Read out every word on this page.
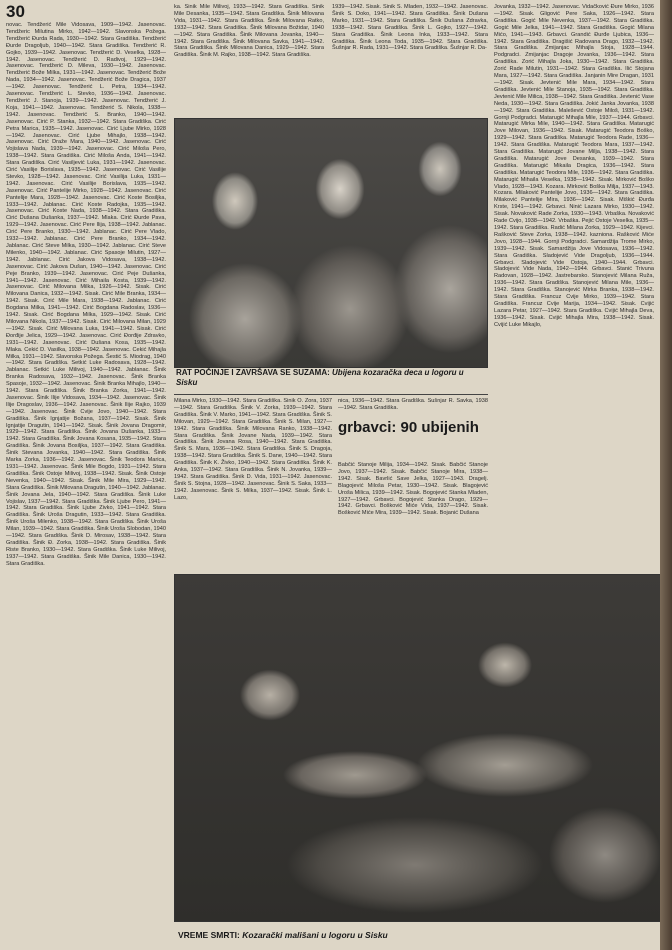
30
novac. Tendžerić Mile Vidosava, 1909—1942. Jasenovac. Tendžeric Milutina Mirko, 1942—1942. Slavonska Požega. Tendžerić Đurda Rada, 1930—1942. Stara Gradiška. Tendžerić Đurde Dragoljub, 1940—1942. Stara Gradiška. Tendžerić R. Gojko, 1939—1942. Jasenovac. Tendžerić D. Veselka, 1928—1942. Jasenovac. Tendžerić D. Radivoj, 1929—1942. Jasenovac. Tendžerić D. Mileva, 1930—1942. Jasenovac. Tendžerić Bože Milka, 1931—1942. Jasenovac. Tendžerić Bože Nada, 1934—1942. Jasenovac. Tendžerić Bože Dragica, 1937—1942. Jasenovac. Tendžerić L. Petra, 1934—1942. Jasenovac. Tendžerić L. Stevko, 1936—1942. Jasenovac. Tendžerić J. Stanoja, 1939—1942. Jasenovac. Tendžerić J. Koja, 1941—1942. Jasenovac. Tendžerić S. Nikola, 1938—1942. Jasenovac. Tendžerić S. Branko, 1940—1942. Jasenovac. Cirić P. Stanka, 1932—1942. Stara Gradiška. Cirić Petra Marica, 1935—1942. Jasenovac. Cirić Ljube Mirko, 1928—1942. Jasenovac. Cirić Ljube Mihajlo, 1938—1942. Jasenovac. Cirić Draže Mara, 1940—1942. Jasenovac. Cirić Vojislava Nada, 1939—1942. Jasenovac. Cirić Miloša Pero, 1938—1942. Stara Gradiška. Cirić Miloša Anda, 1941—1942. Stara Gradiška. Cirić Vasiljević Luka, 1931—1942. Jasenovac. Cirić Vasilije Borislava, 1935—1942. Jasenovac. Cirić Vasilije Stevko, 1928—1942. Jasenovac. Cirić Vasilija Luka, 1931—1942. Jasenovac. Cirić Vasilije Borislava, 1935—1942. Jasenovac. Cirić Pantelije Mirko, 1928—1942. Jasenovac. Cirić Pantelije Mara, 1928—1942. Jasenovac. Cirić Koste Bosiljka, 1933—1942. Jablanac. Cirić Koste Radojka, 1935—1942. Jasenovac. Cirić Koste Nada, 1938—1942. Stara Gradiška. Cirić Dušana Dušanka, 1937—1942. Mlaka. Cirić Đurde Pava, 1929—1942. Jasenovac. Cirić Pere Ilija, 1938—1942. Jablanac. Cirić Pere Branko, 1930—1942. Jablanac. Cirić Pere Vlado, 1932—1942. Jablanac. Cirić Pere Branko, 1934—1942. Jablanac. Cirić Steve Milka, 1930—1942. Jablanac. Cirić Steve Milenko, 1940—1942. Jablanac. Cirić Spasoje Milutin, 1927—1942. Jablanac. Cirić Jakova Vidosava, 1938—1942. Jasenovac. Cirić Jakova Dušan, 1940—1942. Jasenovac. Cirić Peje Branko, 1939—1942. Jasenovac. Cirić Peje Dušanka, 1941—1942. Jasenovac. Cirić Mihaila Kosta, 1939—1942. Jasenovac. Cirić Milovana Milka, 1926—1942. Sisak. Cirić Milovana Danica, 1932—1942. Sisak. Cirić Mile Branka, 1934—1942. Sisak. Cirić Mile Mara, 1938—1942. Jablanac. Cirić Bogdana Milka, 1941—1942. Cirić Bogdana Radoslav, 1936—1942. Sisak. Cirić Bogdana Milka, 1929—1942. Sisak. Cirić Milovana Nikola, 1937—1942. Sisak. Cirić Milovana Milan, 1929—1942. Sisak. Cirić Milovana Luka, 1941—1942. Sisak. Cirić Đorđije Jelica, 1929—1942. Jasenovac. Cirić Đorđije Zdravko, 1931—1942. Jasenovac. Cirić Dušana Kosa, 1935—1942. Mlaka. Cekić D. Vasilka, 1938—1942. Jasenovac. Cekić Mihajla Milka, 1931—1942. Slavonska Požega. Šestić S. Miodrag, 1940—1942. Stara Gradiška. Setkić Luke Radosava, 1928—1942. Jablanac. Setkić Luke Milivoj, 1940—1942. Jablanac. Šinik Branka Radosava, 1932—1942. Jasenovac. Šinik Branka Spasoje, 1932—1942. Jasenovac. Šinik Branka Mihajlo, 1940—1942. Stara Gradiška. Šinik Branka Zorka, 1941—1942. Jasenovac. Šinik Ilije Vidosava, 1934—1942. Jasenovac. Šinik Ilije Dragoslav, 1936—1942. Jasenovac. Šinik Ilije Rajko, 1939—1942. Jasenovac. Šinik Cvije Jovo, 1940—1942. Stara Gradiška. Šinik Ignjatije Božana, 1937—1942. Sisak. Šinik Ignjatije Dragutin, 1941—1942. Sisak. Šinik Jovana Dragomir, 1929—1942. Stara Gradiška. Šinik Jovana Dušanka, 1933—1942. Stara Gradiška. Šinik Jovana Kosana, 1935—1942. Stara Gradiška. Šinik Jovana Bosiljka, 1937—1942. Stara Gradiška. Šinik Stevana Jovanka, 1940—1942. Stara Gradiška. Šinik Marka Zorka, 1936—1942. Jasenovac. Šinik Teodora Marica, 1931—1942. Jasenovac. Šinik Mile Bogdo, 1931—1942. Stara Gradiška. Šinik Ostoje Milivoj, 1938—1942. Sisak. Šinik Ostoje Nevenka, 1940—1942. Sisak. Šinik Mile Mira, 1929—1942. Stara Gradiška. Šinik Milovana Dragutin, 1940—1942. Jablanac. Šinik Jovana Jela, 1940—1942. Stara Gradiška. Šinik Luke Vojislav, 1937—1942. Stara Gradiška. Šinik Ljube Pero, 1941—1942. Stara Gradiška. Šinik Ljube Zivko, 1941—1942. Stara Gradiška. Šinik Uroša Dragutin, 1933—1942. Stara Gradiška. Šinik Uroša Milenko, 1938—1942. Stara Gradiška. Šinik Uroša Milan, 1939—1942. Stara Gradiška. Šinik Uroša Slobodan, 1940—1942. Stara Gradiška. Šinik D. Mirosav, 1938—1942. Stara Gradiška. Šinik Đ. Zorka, 1938—1942. Stara Gradiška. Šinik Riste Branko, 1930—1942. Stara Gradiška. Šinik Luke Milivoj, 1937—1942. Stara Gradiška. Šinik Mile Danica, 1930—1942. Stara Gradiška.
ka. Šinik Mile Milivoj, 1933—1942. Stara Gradiška. Šinik Mile Desanka, 1935—1942. Stara Gradiška. Šinik Milovana Vida, 1931—1942. Stara Gradiška. Šinik Milovana Ratko, 1932—1942. Stara Gradiška. Šinik Milovana Božidar, 1940—1942. Stara Gradiška. Šinik Milovana Jovanka, 1940—1942. Stara Gradiška. Šinik Milovana Savka, 1941—1942. Stara Gradiška. Šinik Milovana Danica, 1929—1942. Stara Gradiška. Šinik M. Rajko, 1938—1942. Stara Gradiška.
1939—1942. Sisak. Šinik S. Mladen, 1932—1942. Jasenovac. Šinik S. Doko, 1941—1942. Stara Gradiška. Šinik Dušana Marko, 1931—1942. Stara Gradiška. Šinik Dušana Zdravka, 1938—1942. Stara Gradiška. Šinik L. Gojko, 1927—1942. Stara Gradiška. Šinik Leona Inka, 1933—1942. Stara Gradiška. Šinik Leona Toda, 1935—1942. Stara Gradiška. Šušnjar R. Rada, 1931—1942. Stara Gradiška. Šušnjar R. Da-
RAT POČINJE I ZAVRŠAVA SE SUZAMA: Ubijena kozaračka deca u logoru u Sisku
Milana Mirko, 1930—1942. Stara Gradiška. Šinik O. Zora, 1937—1942. Stara Gradiška. Šinik V. Zorka, 1939—1942. Stara Gradiška. Šinik V. Marko, 1941—1942. Stara Gradiška. Šinik S. Milovan, 1929—1942. Stara Gradiška. Šinik S. Milan, 1927—1942. Stara Gradiška. Šinik Milovana Ranko, 1938—1942. Stara Gradiška. Šinik Jovane Nada, 1939—1942. Stara Gradiška. Šinik Jovana Rosa, 1940—1942. Stara Gradiška. Šinik S. Mara, 1936—1942. Stara Gradiška. Šinik S. Dragoja, 1938—1942. Stara Gradiška. Šinik S. Dane, 1940—1942. Stara Gradiška. Šinik K. Živko, 1940—1942. Stara Gradiška. Šinik K. Anka, 1937—1942. Stara Gradiška. Šinik N. Jovanka, 1939—1942. Stara Gradiška. Šinik D. Vida, 1931—1942. Jasenovac. Šinik S. Stojna, 1928—1942. Jasenovac. Šinik S. Saka, 1933—1942. Jasenovac. Šinik S. Milka, 1937—1942. Sisak. Šinik L. Lazo,
nica, 1936—1942. Stara Gradiška. Šušnjar R. Savka, 1938—1942. Stara Gradiška.
grbavci: 90 ubijenih
Babčić Stanoje Milija, 1934—1942. Sisak. Babčić Stanoje Jovo, 1937—1942. Sisak. Babčić Stanoje Mira, 1938—1942. Sisak. Bavrlić Save Jelka, 1927—1943. Dragelj. Blagojević Miloša Petar, 1930—1942. Sisak. Blagojević Uroša Milica, 1939—1942. Sisak. Bogojević Stanka Mladen, 1927—1942. Grbavci. Bogojević Stanka Drago, 1929—1942. Grbavci. Bošković Miće Vida, 1937—1942. Sisak. Bošković Miće Mira, 1939—1942. Sisak. Bojanić Dušana
Jovanka, 1932—1942. Jasenovac. Vidačković Đure Mirko, 1936—1942. Sisak. Gligović Pere Saka, 1926—1942. Stara Gradiška. Gogić Mile Nevenka, 1937—1942. Stara Gradiška. Gogić Mile Jelka, 1941—1942. Stara Gradiška. Gogić Milana Mićo, 1941—1943. Grbavci. Grandić Đurđe Ljubica, 1936—1942. Stara Gradiška. Dragišić Radovana Drago, 1932—1942. Stara Gradiška. Zmijanjac Mihajla Stoja, 1928—1944. Podgradci. Zmijanjac Dragoje Jovanka, 1936—1942. Stara Gradiška. Zorić Mihajla Joka, 1930—1942. Stara Gradiška. Zorić Rade Milutin, 1931—1942. Stara Gradiška. Ilić Stojana Mara, 1927—1942. Stara Gradiška. Janjanin Mire Dragan, 1931—1942. Sisak. Jevtenić Mile Mara, 1934—1942. Stara Gradiška. Jevtenić Mile Stanoja, 1935—1942. Stara Gradiška. Jevtenić Mile Milica, 1938—1942. Stara Gradiška. Jevtenić Vase Neda, 1930—1942. Stara Gradiška. Jokić Janka Jovanka, 1938—1942. Stara Gradiška. Malešević Ostoje Miloš, 1931—1942. Gornji Podgradci. Matarugić Mihajla Mile, 1937—1944. Grbavci. Matarugić Mirka Mile, 1940—1942. Stara Gradiška. Matarugić Jove Milovan, 1936—1942. Sisak. Matarugić Teodora Boško, 1929—1942. Stara Gradiška. Matarugić Teodora Rade, 1936—1942. Stara Gradiška. Matarugić Teodora Mara, 1937—1942. Stara Gradiška. Matarugić Jovane Milja, 1938—1942. Stara Gradiška. Matarugić Jove Desanka, 1939—1942. Stara Gradiška. Matarugić Mikaila Dragica, 1936—1942. Stara Gradiška. Matarugić Teodora Mile, 1936—1942. Stara Gradiška. Matarugić Mihaila Veselka, 1938—1942. Sisak. Mirković Boško Vlado, 1928—1943. Kozara. Mirković Boška Milja, 1937—1943. Kozara. Milaković Pantelije Jovo, 1936—1942. Stara Gradiška. Milaković Pantelije Mira, 1936—1942. Sisak. Miškić Đurđa Krste, 1941—1942. Grbavci. Ninić Lazara Mirko, 1930—1942. Sisak. Novaković Rade Zorka, 1930—1943. Vrbaška. Novaković Rade Cvijo, 1938—1942. Vrbaška. Pejić Ostoje Veselka, 1935—1942. Stara Gradiška. Radić Milana Zorka, 1929—1942. Kijevci. Rašković Steve Zorka, 1938—1942. kaznionа. Rašković Miće Jovo, 1928—1944. Gornji Podgradci. Samardžija Trome Mirko, 1939—1942. Sisak. Samardžija Jove Vidosava, 1936—1942. Stara Gradiška. Sladojević Vide Dragoljub, 1936—1944. Grbavci. Sladojević Vide Ostoja, 1940—1944. Grbavci. Sladojević Vide Nada, 1942—1944. Grbavci. Stanić Trivuna Radovan, 1928—1942. Jastrebarsko. Stanojević Milana Ruža, 1936—1942. Stara Gradiška. Stanojević Milana Mile, 1936—1942. Stara Gradiška. Stanojević Mirka Branka, 1938—1942. Stara Gradiška. Francuz Cvije Mirko, 1939—1942. Stara Gradiška. Francuz Cvije Marija, 1934—1942. Sisak. Cvijić Lazara Petar, 1927—1942. Stara Gradiška. Cvijić Mihajla Deva, 1936—1942. Sisak. Cvijić Mihajla Mira, 1938—1942. Sisak. Cvijić Luke Mikajlo,
VREME SMRTI: Kozarački mališani u logoru u Sisku
